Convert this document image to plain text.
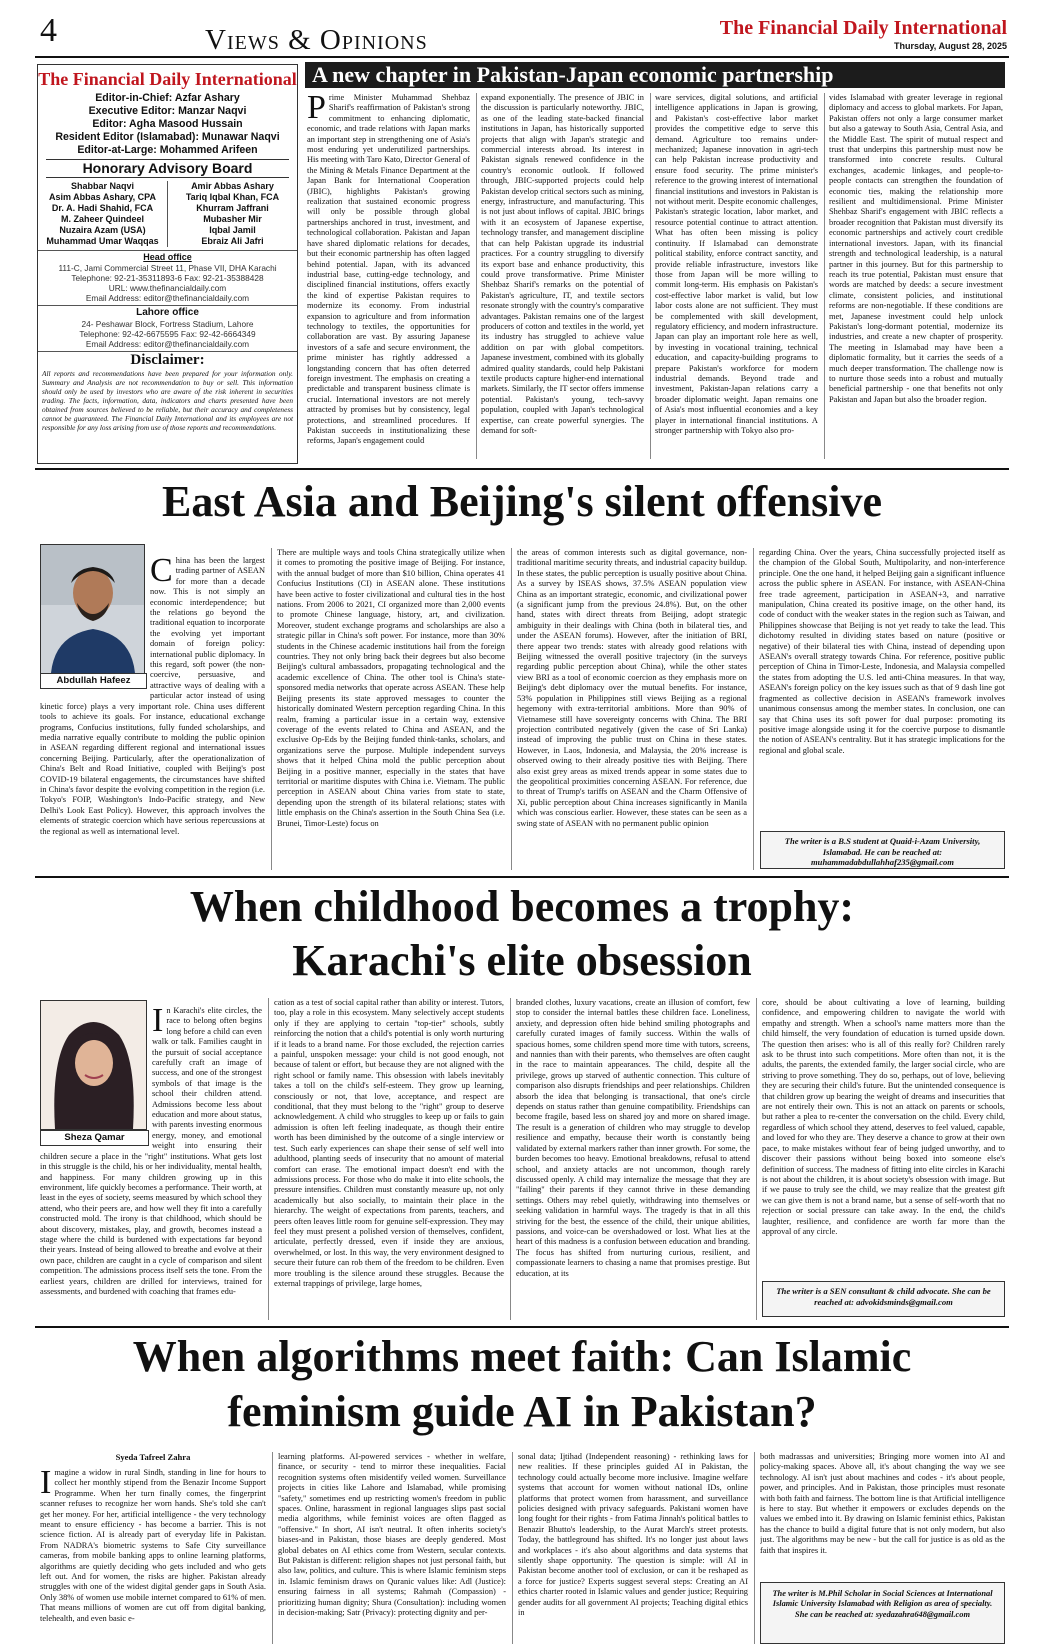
4	Views & Opinions	The Financial Daily International
Thursday, August 28, 2025
The Financial Daily International
Editor-in-Chief: Azfar Ashary
Executive Editor: Manzar Naqvi
Editor: Agha Masood Hussain
Resident Editor (Islamabad): Munawar Naqvi
Editor-at-Large: Mohammed Arifeen
Honorary Advisory Board
Shabbar Naqvi
Asim Abbas Ashary, CPA
Dr. A. Hadi Shahid, FCA
M. Zaheer Quindeel
Nuzaira Azam (USA)
Muhammad Umar Waqqas
Amir Abbas Ashary
Tariq Iqbal Khan, FCA
Khurram Jaffrani
Mubasher Mir
Iqbal Jamil
Ebraiz Ali Jafri
Head office
111-C, Jami Commercial Street 11, Phase VII, DHA Karachi
Telephone: 92-21-35311893-6 Fax: 92-21-35388428
URL: www.thefinancialdaily.com
Email Address: editor@thefinancialdaily.com
Lahore office
24- Peshawar Block, Fortress Stadium, Lahore
Telephone: 92-42-6675595 Fax: 92-42-6664349
Email Address: editor@thefinancialdaily.com
Disclaimer:
All reports and recommendations have been prepared for your information only. Summary and Analysis are not recommendation to buy or sell. This information should only be used by investors who are aware of the risk inherent in securities trading. The facts, information, data, indicators and charts presented have been obtained from sources believed to be reliable, but their accuracy and completeness cannot be guaranteed. The Financial Daily International and its employees are not responsible for any loss arising from use of those reports and recommendations.
A new chapter in Pakistan-Japan economic partnership
Prime Minister Muhammad Shehbaz Sharif's reaffirmation of Pakistan's strong commitment to enhancing diplomatic, economic, and trade relations with Japan marks an important step in strengthening one of Asia's most enduring yet underutilized partnerships. His meeting with Taro Kato, Director General of the Mining & Metals Finance Department at the Japan Bank for International Cooperation (JBIC), highlights Pakistan's growing realization that sustained economic progress will only be possible through global partnerships anchored in trust, investment, and technological collaboration. Pakistan and Japan have shared diplomatic relations for decades, but their economic partnership has often lagged behind potential. Japan, with its advanced industrial base, cutting-edge technology, and disciplined financial institutions, offers exactly the kind of expertise Pakistan requires to modernize its economy. From industrial expansion to agriculture and from information technology to textiles, the opportunities for collaboration are vast. By assuring Japanese investors of a safe and secure environment, the prime minister has rightly addressed a longstanding concern that has often deterred foreign investment. The emphasis on creating a predictable and transparent business climate is crucial. International investors are not merely attracted by promises but by consistency, legal protections, and streamlined procedures. If Pakistan succeeds in institutionalizing these reforms, Japan's engagement could
expand exponentially. The presence of JBIC in the discussion is particularly noteworthy. JBIC, as one of the leading state-backed financial institutions in Japan, has historically supported projects that align with Japan's strategic and commercial interests abroad. Its interest in Pakistan signals renewed confidence in the country's economic outlook. If followed through, JBIC-supported projects could help Pakistan develop critical sectors such as mining, energy, infrastructure, and manufacturing. This is not just about inflows of capital. JBIC brings with it an ecosystem of Japanese expertise, technology transfer, and management discipline that can help Pakistan upgrade its industrial practices. For a country struggling to diversify its export base and enhance productivity, this could prove transformative. Prime Minister Shehbaz Sharif's remarks on the potential of Pakistan's agriculture, IT, and textile sectors resonate strongly with the country's comparative advantages. Pakistan remains one of the largest producers of cotton and textiles in the world, yet its industry has struggled to achieve value addition on par with global competitors. Japanese investment, combined with its globally admired quality standards, could help Pakistani textile products capture higher-end international markets. Similarly, the IT sector offers immense potential. Pakistan's young, tech-savvy population, coupled with Japan's technological expertise, can create powerful synergies. The demand for soft-
ware services, digital solutions, and artificial intelligence applications in Japan is growing, and Pakistan's cost-effective labor market provides the competitive edge to serve this demand. Agriculture too remains under-mechanized; Japanese innovation in agri-tech can help Pakistan increase productivity and ensure food security. The prime minister's reference to the growing interest of international financial institutions and investors in Pakistan is not without merit. Despite economic challenges, Pakistan's strategic location, labor market, and resource potential continue to attract attention. What has often been missing is policy continuity. If Islamabad can demonstrate political stability, enforce contract sanctity, and provide reliable infrastructure, investors like those from Japan will be more willing to commit long-term. His emphasis on Pakistan's cost-effective labor market is valid, but low labor costs alone are not sufficient. They must be complemented with skill development, regulatory efficiency, and modern infrastructure. Japan can play an important role here as well, by investing in vocational training, technical education, and capacity-building programs to prepare Pakistan's workforce for modern industrial demands. Beyond trade and investment, Pakistan-Japan relations carry a broader diplomatic weight. Japan remains one of Asia's most influential economies and a key player in international financial institutions. A stronger partnership with Tokyo also pro-
vides Islamabad with greater leverage in regional diplomacy and access to global markets. For Japan, Pakistan offers not only a large consumer market but also a gateway to South Asia, Central Asia, and the Middle East. The spirit of mutual respect and trust that underpins this partnership must now be transformed into concrete results. Cultural exchanges, academic linkages, and people-to-people contacts can strengthen the foundation of economic ties, making the relationship more resilient and multidimensional. Prime Minister Shehbaz Sharif's engagement with JBIC reflects a broader recognition that Pakistan must diversify its economic partnerships and actively court credible international investors. Japan, with its financial strength and technological leadership, is a natural partner in this journey. But for this partnership to reach its true potential, Pakistan must ensure that words are matched by deeds: a secure investment climate, consistent policies, and institutional reforms are non-negotiable. If these conditions are met, Japanese investment could help unlock Pakistan's long-dormant potential, modernize its industries, and create a new chapter of prosperity. The meeting in Islamabad may have been a diplomatic formality, but it carries the seeds of a much deeper transformation. The challenge now is to nurture those seeds into a robust and mutually beneficial partnership - one that benefits not only Pakistan and Japan but also the broader region.
East Asia and Beijing's silent offensive
Abdullah Hafeez
China has been the largest trading partner of ASEAN for more than a decade now. This is not simply an economic interdependence; but the relations go beyond the traditional equation to incorporate the evolving yet important domain of foreign policy: international public diplomacy. In this regard, soft power (the non-coercive, persuasive, and attractive ways of dealing with a particular actor instead of using kinetic force) plays a very important role. China uses different tools to achieve its goals. For instance, educational exchange programs, Confucius institutions, fully funded scholarships, and media narrative equally contribute to molding the public opinion in ASEAN regarding different regional and international issues concerning Beijing. Particularly, after the operationalization of China's Belt and Road Initiative, coupled with Beijing's post COVID-19 bilateral engagements, the circumstances have shifted in China's favor despite the evolving competition in the region (i.e. Tokyo's FOIP, Washington's Indo-Pacific strategy, and New Delhi's Look East Policy). However, this approach involves the elements of strategic coercion which have serious repercussions at the regional as well as international level.
There are multiple ways and tools China strategically utilize when it comes to promoting the positive image of Beijing. For instance, with the annual budget of more than $10 billion, China operates 41 Confucius Institutions (CI) in ASEAN alone. These institutions have been active to foster civilizational and cultural ties in the host nations. From 2006 to 2021, CI organized more than 2,000 events to promote Chinese language, history, art, and civilization. Moreover, student exchange programs and scholarships are also a strategic pillar in China's soft power. For instance, more than 30% students in the Chinese academic institutions hail from the foreign countries. They not only bring back their degrees but also become Beijing's cultural ambassadors, propagating technological and the academic excellence of China. The other tool is China's state-sponsored media networks that operate across ASEAN. These help Beijing presents its state approved messages to counter the historically dominated Western perception regarding China. In this realm, framing a particular issue in a certain way, extensive coverage of the events related to China and ASEAN, and the exclusive Op-Eds by the Beijing funded think-tanks, scholars, and organizations serve the purpose. Multiple independent surveys shows that it helped China mold the public perception about Beijing in a positive manner, especially in the states that have territorial or maritime disputes with China i.e. Vietnam. The public perception in ASEAN about China varies from state to state, depending upon the strength of its bilateral relations; states with little emphasis on the China's assertion in the South China Sea (i.e. Brunei, Timor-Leste) focus on
the areas of common interests such as digital governance, non-traditional maritime security threats, and industrial capacity buildup. In these states, the public perception is usually positive about China. As a survey by ISEAS shows, 37.5% ASEAN population view China as an important strategic, economic, and civilizational power (a significant jump from the previous 24.8%). But, on the other hand, states with direct threats from Beijing, adopt strategic ambiguity in their dealings with China (both in bilateral ties, and under the ASEAN forums). However, after the initiation of BRI, there appear two trends: states with already good relations with Beijing witnessed the overall positive trajectory (in the surveys regarding public perception about China), while the other states view BRI as a tool of economic coercion as they emphasis more on Beijing's debt diplomacy over the mutual benefits. For instance, 53% population in Philippines still views Beijing as a regional hegemony with extra-territorial ambitions. More than 90% of Vietnamese still have sovereignty concerns with China. The BRI projection contributed negatively (given the case of Sri Lanka) instead of improving the public trust on China in these states. However, in Laos, Indonesia, and Malaysia, the 20% increase is observed owing to their already positive ties with Beijing. There also exist grey areas as mixed trends appear in some states due to the geopolitical proximities concerning ASEAN. For reference, due to threat of Trump's tariffs on ASEAN and the Charm Offensive of Xi, public perception about China increases significantly in Manila which was conscious earlier. However, these states can be seen as a swing state of ASEAN with no permanent public opinion
regarding China. Over the years, China successfully projected itself as the champion of the Global South, Multipolarity, and non-interference principle. One the one hand, it helped Beijing gain a significant influence across the public sphere in ASEAN. For instance, with ASEAN-China free trade agreement, participation in ASEAN+3, and narrative manipulation, China created its positive image, on the other hand, its code of conduct with the weaker states in the region such as Taiwan, and Philippines showcase that Beijing is not yet ready to take the lead. This dichotomy resulted in dividing states based on nature (positive or negative) of their bilateral ties with China, instead of depending upon ASEAN's overall strategy towards China. For reference, positive public perception of China in Timor-Leste, Indonesia, and Malaysia compelled the states from adopting the U.S. led anti-China measures. In that way, ASEAN's foreign policy on the key issues such as that of 9 dash line got fragmented as collective decision in ASEAN's framework involves unanimous consensus among the member states. In conclusion, one can say that China uses its soft power for dual purpose: promoting its positive image alongside using it for the coercive purpose to dismantle the notion of ASEAN's centrality. But it has strategic implications for the regional and global scale.
The writer is a B.S student at Quaid-i-Azam University, Islamabad. He can be reached at: muhammadabdullahhaf235@gmail.com
When childhood becomes a trophy:
Karachi's elite obsession
Sheza Qamar
In Karachi's elite circles, the race to belong often begins long before a child can even walk or talk. Families caught in the pursuit of social acceptance carefully craft an image of success, and one of the strongest symbols of that image is the school their children attend. Admissions become less about education and more about status, with parents investing enormous energy, money, and emotional weight into ensuring their children secure a place in the "right" institutions. What gets lost in this struggle is the child, his or her individuality, mental health, and happiness. For many children growing up in this environment, life quickly becomes a performance. Their worth, at least in the eyes of society, seems measured by which school they attend, who their peers are, and how well they fit into a carefully constructed mold. The irony is that childhood, which should be about discovery, mistakes, play, and growth, becomes instead a stage where the child is burdened with expectations far beyond their years. Instead of being allowed to breathe and evolve at their own pace, children are caught in a cycle of comparison and silent competition. The admissions process itself sets the tone. From the earliest years, children are drilled for interviews, trained for assessments, and burdened with coaching that frames edu-
cation as a test of social capital rather than ability or interest. Tutors, too, play a role in this ecosystem. Many selectively accept students only if they are applying to certain "top-tier" schools, subtly reinforcing the notion that a child's potential is only worth nurturing if it leads to a brand name. For those excluded, the rejection carries a painful, unspoken message: your child is not good enough, not because of talent or effort, but because they are not aligned with the right school or family name. This obsession with labels inevitably takes a toll on the child's self-esteem. They grow up learning, consciously or not, that love, acceptance, and respect are conditional, that they must belong to the "right" group to deserve acknowledgement. A child who struggles to keep up or fails to gain admission is often left feeling inadequate, as though their entire worth has been diminished by the outcome of a single interview or test. Such early experiences can shape their sense of self well into adulthood, planting seeds of insecurity that no amount of material comfort can erase. The emotional impact doesn't end with the admissions process. For those who do make it into elite schools, the pressure intensifies. Children must constantly measure up, not only academically but also socially, to maintain their place in the hierarchy. The weight of expectations from parents, teachers, and peers often leaves little room for genuine self-expression. They may feel they must present a polished version of themselves, confident, articulate, perfectly dressed, even if inside they are anxious, overwhelmed, or lost. In this way, the very environment designed to secure their future can rob them of the freedom to be children. Even more troubling is the silence around these struggles. Because the external trappings of privilege, large homes,
branded clothes, luxury vacations, create an illusion of comfort, few stop to consider the internal battles these children face. Loneliness, anxiety, and depression often hide behind smiling photographs and carefully curated images of family success. Within the walls of spacious homes, some children spend more time with tutors, screens, and nannies than with their parents, who themselves are often caught in the race to maintain appearances. The child, despite all the privilege, grows up starved of authentic connection. This culture of comparison also disrupts friendships and peer relationships. Children absorb the idea that belonging is transactional, that one's circle depends on status rather than genuine compatibility. Friendships can become fragile, based less on shared joy and more on shared image. The result is a generation of children who may struggle to develop resilience and empathy, because their worth is constantly being validated by external markers rather than inner growth. For some, the burden becomes too heavy. Emotional breakdowns, refusal to attend school, and anxiety attacks are not uncommon, though rarely discussed openly. A child may internalize the message that they are "failing" their parents if they cannot thrive in these demanding settings. Others may rebel quietly, withdrawing into themselves or seeking validation in harmful ways. The tragedy is that in all this striving for the best, the essence of the child, their unique abilities, passions, and voice-can be overshadowed or lost. What lies at the heart of this madness is a confusion between education and branding. The focus has shifted from nurturing curious, resilient, and compassionate learners to chasing a name that promises prestige. But education, at its
core, should be about cultivating a love of learning, building confidence, and empowering children to navigate the world with empathy and strength. When a school's name matters more than the child himself, the very foundation of education is turned upside down. The question then arises: who is all of this really for? Children rarely ask to be thrust into such competitions. More often than not, it is the adults, the parents, the extended family, the larger social circle, who are striving to prove something. They do so, perhaps, out of love, believing they are securing their child's future. But the unintended consequence is that children grow up bearing the weight of dreams and insecurities that are not entirely their own. This is not an attack on parents or schools, but rather a plea to re-center the conversation on the child. Every child, regardless of which school they attend, deserves to feel valued, capable, and loved for who they are. They deserve a chance to grow at their own pace, to make mistakes without fear of being judged unworthy, and to discover their passions without being boxed into someone else's definition of success. The madness of fitting into elite circles in Karachi is not about the children, it is about society's obsession with image. But if we pause to truly see the child, we may realize that the greatest gift we can give them is not a brand name, but a sense of self-worth that no rejection or social pressure can take away. In the end, the child's laughter, resilience, and confidence are worth far more than the approval of any circle.
The writer is a SEN consultant & child advocate. She can be reached at: advokidsminds@gmail.com
When algorithms meet faith: Can Islamic
feminism guide AI in Pakistan?
Syeda Tafreel Zahra
Imagine a widow in rural Sindh, standing in line for hours to collect her monthly stipend from the Benazir Income Support Programme. When her turn finally comes, the fingerprint scanner refuses to recognize her worn hands. She's told she can't get her money. For her, artificial intelligence - the very technology meant to ensure efficiency - has become a barrier. This is not science fiction. AI is already part of everyday life in Pakistan. From NADRA's biometric systems to Safe City surveillance cameras, from mobile banking apps to online learning platforms, algorithms are quietly deciding who gets included and who gets left out. And for women, the risks are higher. Pakistan already struggles with one of the widest digital gender gaps in South Asia. Only 38% of women use mobile internet compared to 61% of men. That means millions of women are cut off from digital banking, telehealth, and even basic e-
learning platforms. AI-powered services - whether in welfare, finance, or security - tend to mirror these inequalities. Facial recognition systems often misidentify veiled women. Surveillance projects in cities like Lahore and Islamabad, while promising "safety," sometimes end up restricting women's freedom in public spaces. Online, harassment in regional languages slips past social media algorithms, while feminist voices are often flagged as "offensive." In short, AI isn't neutral. It often inherits society's biases-and in Pakistan, those biases are deeply gendered. Most global debates on AI ethics come from Western, secular contexts. But Pakistan is different: religion shapes not just personal faith, but also law, politics, and culture. This is where Islamic feminism steps in. Islamic feminism draws on Quranic values like: Adl (Justice): ensuring fairness in all systems; Rahmah (Compassion) - prioritizing human dignity; Shura (Consultation): including women in decision-making; Satr (Privacy): protecting dignity and per-
sonal data; Ijtihad (Independent reasoning) - rethinking laws for new realities. If these principles guided AI in Pakistan, the technology could actually become more inclusive. Imagine welfare systems that account for women without national IDs, online platforms that protect women from harassment, and surveillance policies designed with privacy safeguards. Pakistani women have long fought for their rights - from Fatima Jinnah's political battles to Benazir Bhutto's leadership, to the Aurat March's street protests. Today, the battleground has shifted. It's no longer just about laws and workplaces - it's also about algorithms and data systems that silently shape opportunity. The question is simple: will AI in Pakistan become another tool of exclusion, or can it be reshaped as a force for justice? Experts suggest several steps: Creating an AI ethics charter rooted in Islamic values and gender justice; Requiring gender audits for all government AI projects; Teaching digital ethics in
both madrassas and universities; Bringing more women into AI and policy-making spaces. Above all, it's about changing the way we see technology. AI isn't just about machines and codes - it's about people, power, and principles. And in Pakistan, those principles must resonate with both faith and fairness. The bottom line is that Artificial intelligence is here to stay. But whether it empowers or excludes depends on the values we embed into it. By drawing on Islamic feminist ethics, Pakistan has the chance to build a digital future that is not only modern, but also just. The algorithms may be new - but the call for justice is as old as the faith that inspires it.
The writer is M.Phil Scholar in Social Sciences at International Islamic University Islamabad with Religion as area of specialty. She can be reached at: syedazahra648@gmail.com
